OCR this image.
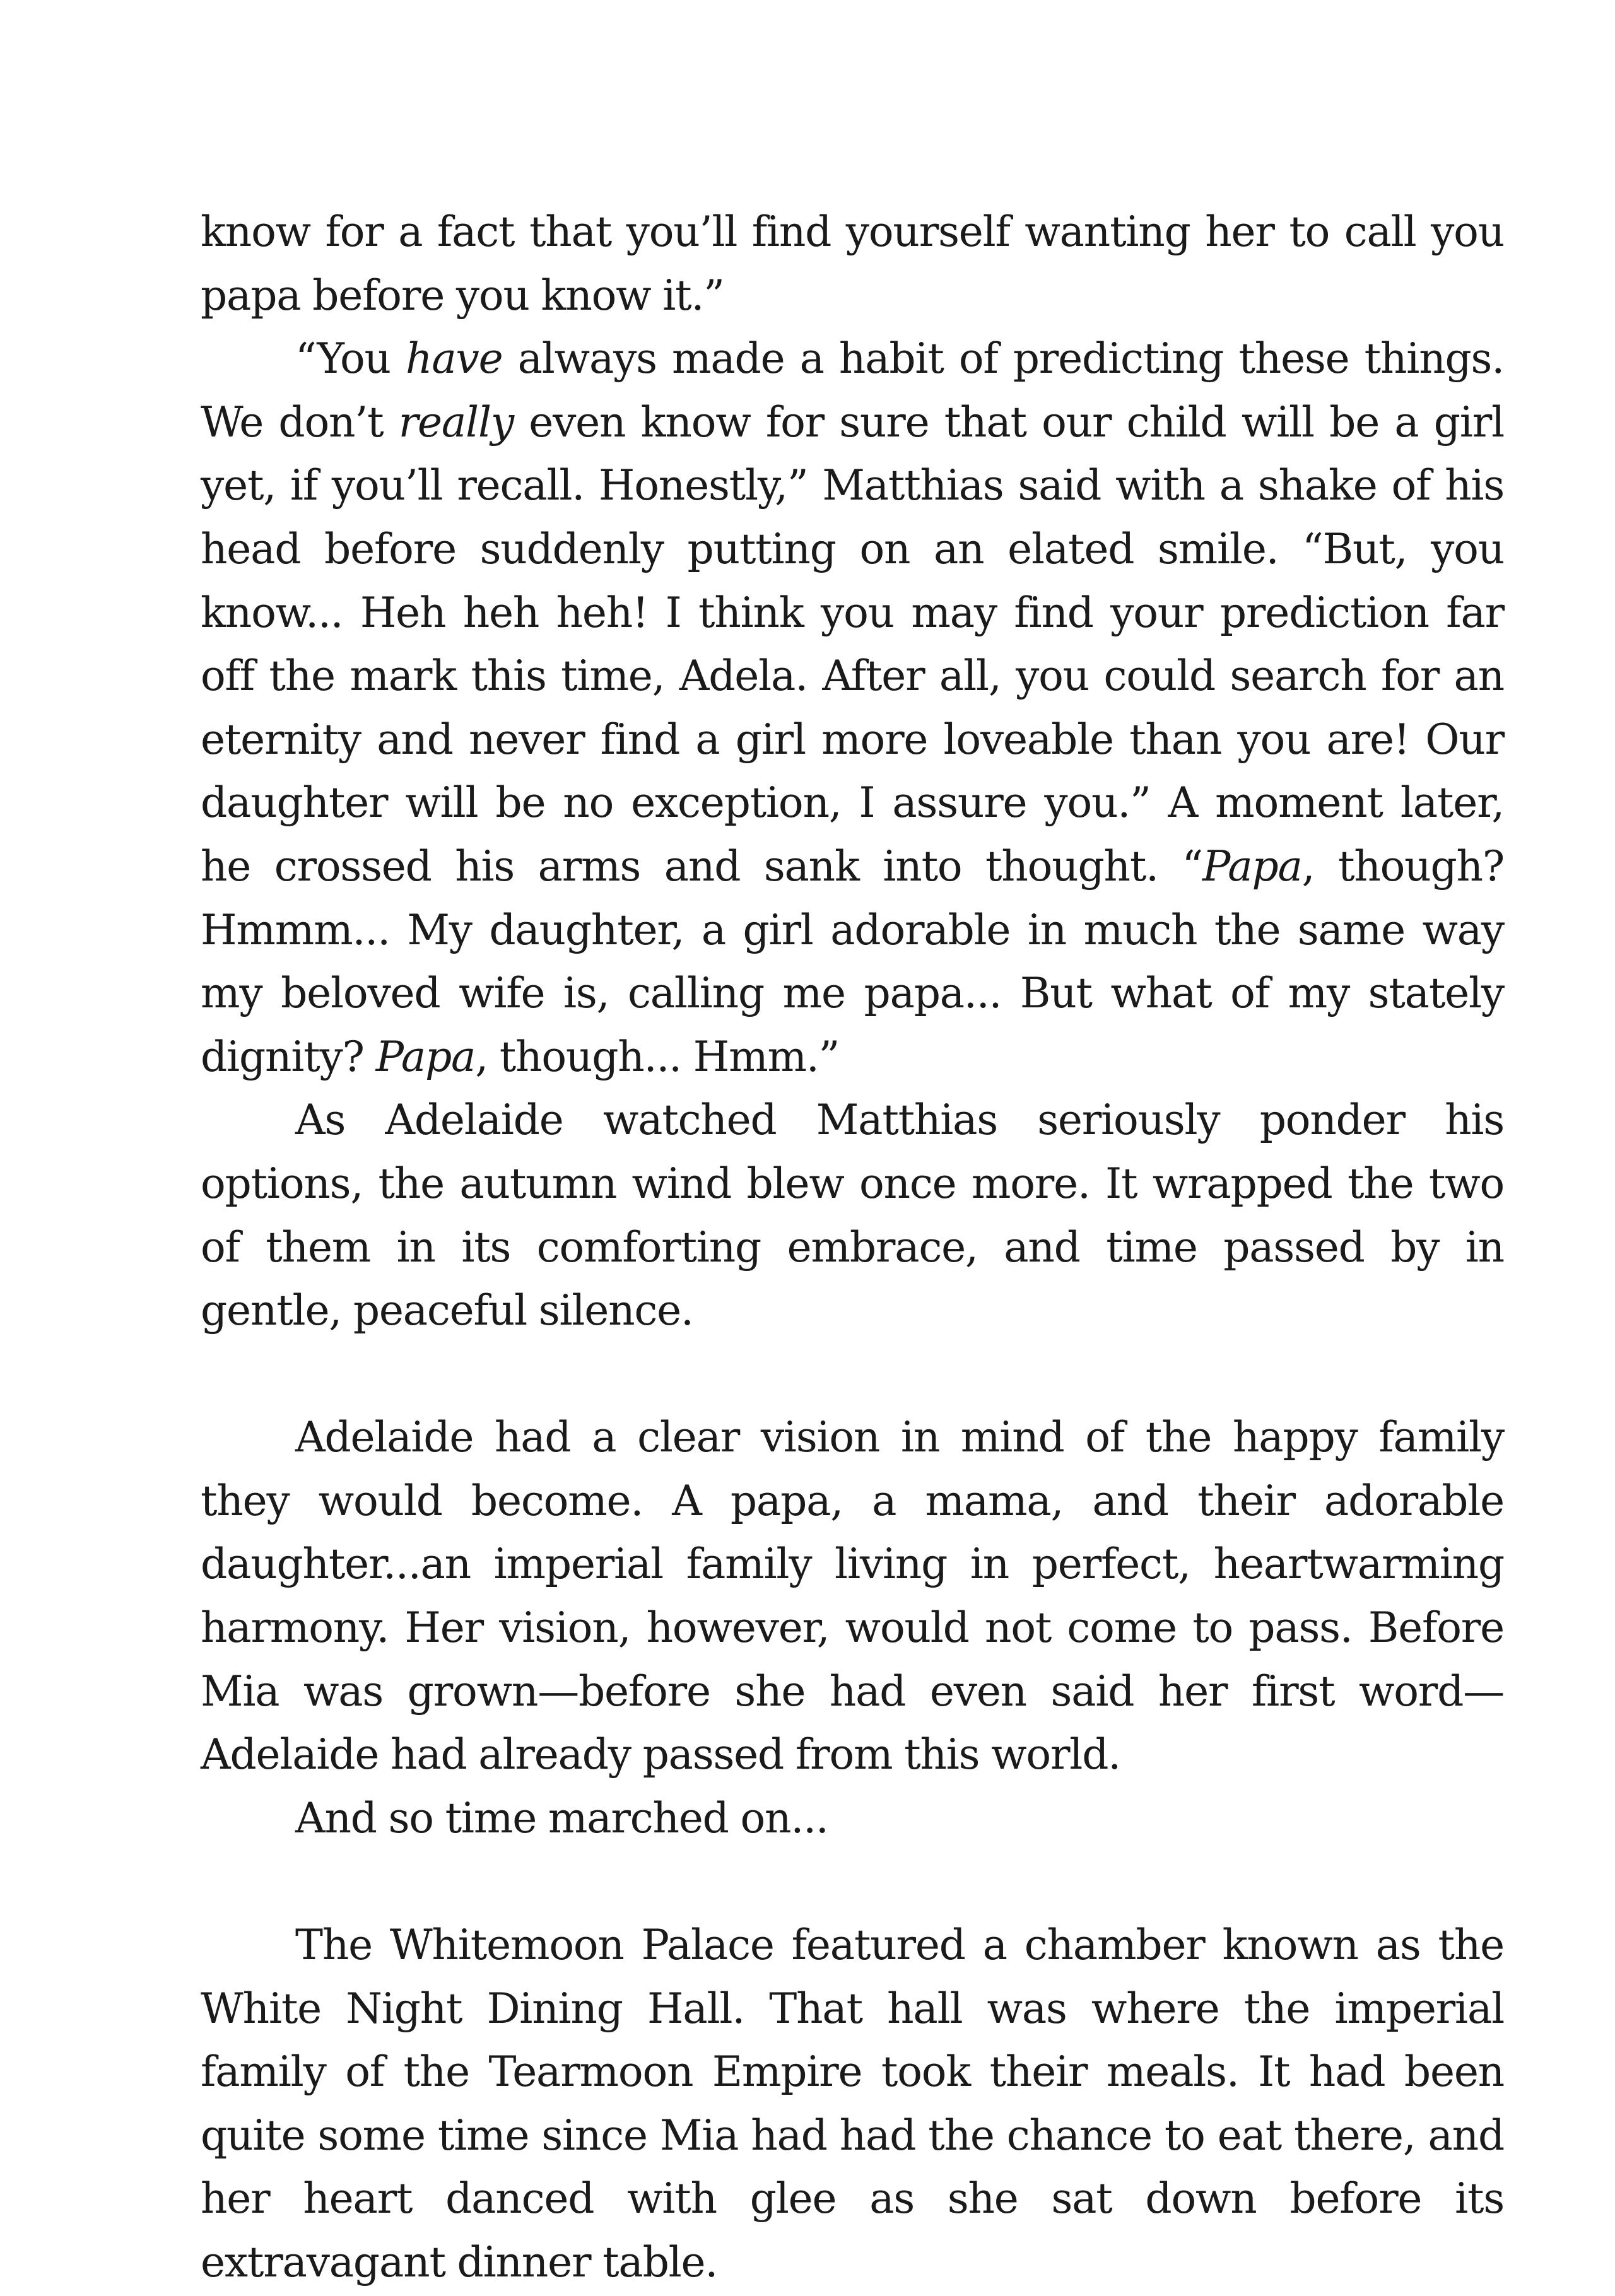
know for a fact that you’ll find yourself wanting her to call you papa before you know it.”

“You have always made a habit of predicting these things. We don’t really even know for sure that our child will be a girl yet, if you’ll recall. Honestly,” Matthias said with a shake of his head before suddenly putting on an elated smile. “But, you know... Heh heh heh! I think you may find your prediction far off the mark this time, Adela. After all, you could search for an eternity and never find a girl more loveable than you are! Our daughter will be no exception, I assure you.” A moment later, he crossed his arms and sank into thought. “Papa, though? Hmmm... My daughter, a girl adorable in much the same way my beloved wife is, calling me papa... But what of my stately dignity? Papa, though... Hmm.”

As Adelaide watched Matthias seriously ponder his options, the autumn wind blew once more. It wrapped the two of them in its comforting embrace, and time passed by in gentle, peaceful silence.

Adelaide had a clear vision in mind of the happy family they would become. A papa, a mama, and their adorable daughter...an imperial family living in perfect, heartwarming harmony. Her vision, however, would not come to pass. Before Mia was grown—before she had even said her first word—Adelaide had already passed from this world.

And so time marched on...

The Whitemoon Palace featured a chamber known as the White Night Dining Hall. That hall was where the imperial family of the Tearmoon Empire took their meals. It had been quite some time since Mia had had the chance to eat there, and her heart danced with glee as she sat down before its extravagant dinner table.
